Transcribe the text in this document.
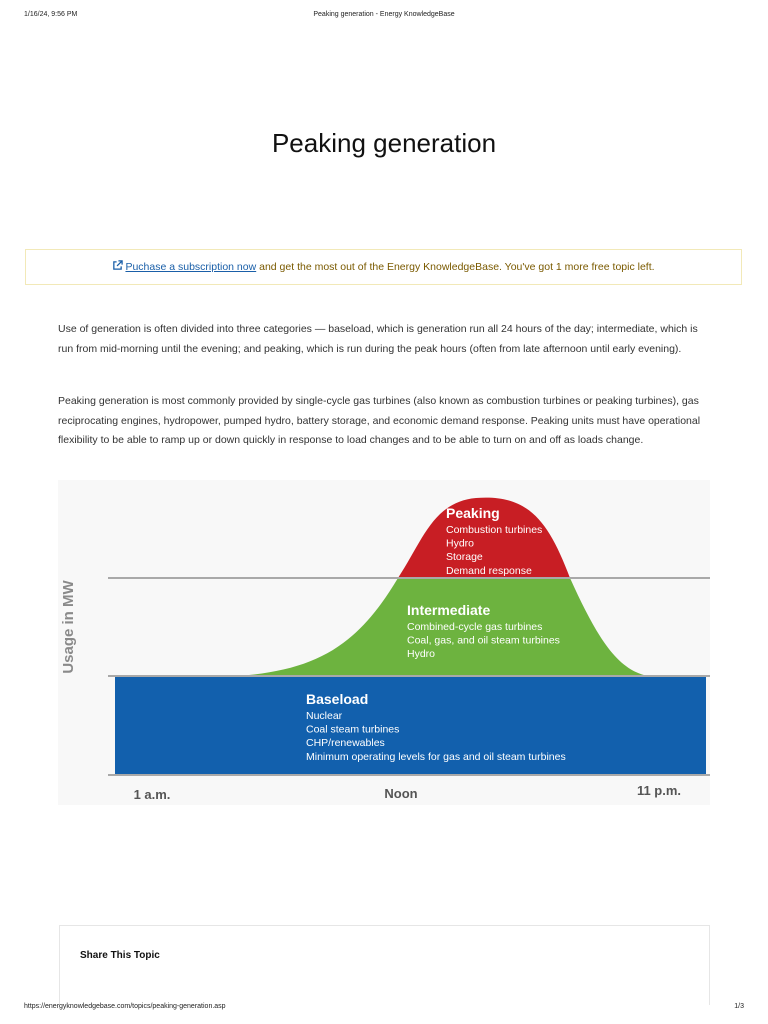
1/16/24, 9:56 PM	Peaking generation - Energy KnowledgeBase
Peaking generation
Puchase a subscription now and get the most out of the Energy KnowledgeBase. You've got 1 more free topic left.

Use of generation is often divided into three categories — baseload, which is generation run all 24 hours of the day; intermediate, which is run from mid-morning until the evening; and peaking, which is run during the peak hours (often from late afternoon until early evening).

Peaking generation is most commonly provided by single-cycle gas turbines (also known as combustion turbines or peaking turbines), gas reciprocating engines, hydropower, pumped hydro, battery storage, and economic demand response. Peaking units must have operational flexibility to be able to ramp up or down quickly in response to load changes and to be able to turn on and off as loads change.

Usage in MW
1 a.m.	Noon	11 p.m.
Peaking
Combustion turbines
Hydro
Storage
Demand response
Intermediate
Combined-cycle gas turbines
Coal, gas, and oil steam turbines
Hydro
Baseload
Nuclear
Coal steam turbines
CHP/renewables
Minimum operating levels for gas and oil steam turbines
Share This Topic
https://energyknowledgebase.com/topics/peaking-generation.asp	1/3
